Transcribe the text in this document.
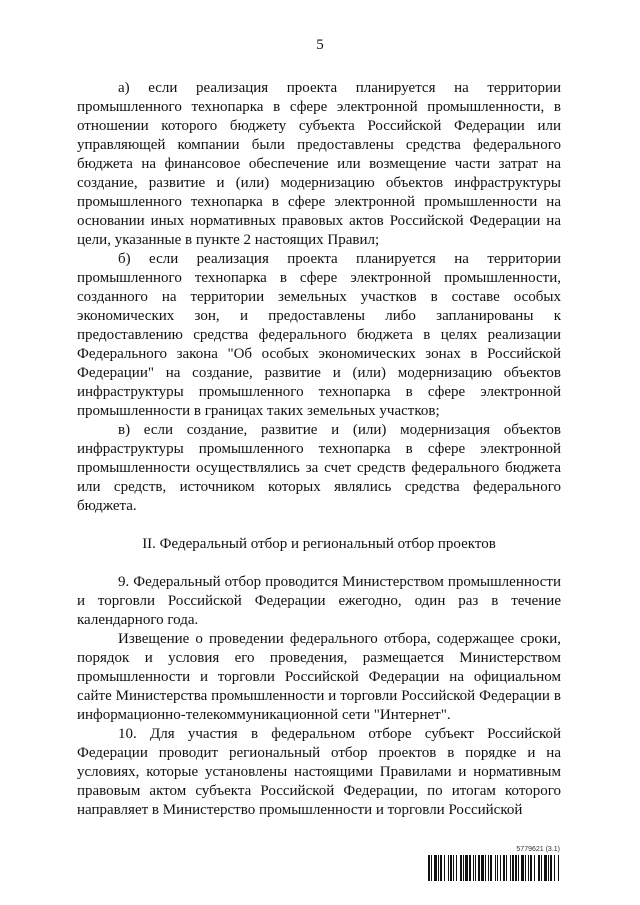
5

а) если реализация проекта планируется на территории промышленного технопарка в сфере электронной промышленности, в отношении которого бюджету субъекта Российской Федерации или управляющей компании были предоставлены средства федерального бюджета на финансовое обеспечение или возмещение части затрат на создание, развитие и (или) модернизацию объектов инфраструктуры промышленного технопарка в сфере электронной промышленности на основании иных нормативных правовых актов Российской Федерации на цели, указанные в пункте 2 настоящих Правил;

б) если реализация проекта планируется на территории промышленного технопарка в сфере электронной промышленности, созданного на территории земельных участков в составе особых экономических зон, и предоставлены либо запланированы к предоставлению средства федерального бюджета в целях реализации Федерального закона "Об особых экономических зонах в Российской Федерации" на создание, развитие и (или) модернизацию объектов инфраструктуры промышленного технопарка в сфере электронной промышленности в границах таких земельных участков;

в) если создание, развитие и (или) модернизация объектов инфраструктуры промышленного технопарка в сфере электронной промышленности осуществлялись за счет средств федерального бюджета или средств, источником которых являлись средства федерального бюджета.

II. Федеральный отбор и региональный отбор проектов

9. Федеральный отбор проводится Министерством промышленности и торговли Российской Федерации ежегодно, один раз в течение календарного года.

Извещение о проведении федерального отбора, содержащее сроки, порядок и условия его проведения, размещается Министерством промышленности и торговли Российской Федерации на официальном сайте Министерства промышленности и торговли Российской Федерации в информационно-телекоммуникационной сети "Интернет".

10. Для участия в федеральном отборе субъект Российской Федерации проводит региональный отбор проектов в порядке и на условиях, которые установлены настоящими Правилами и нормативным правовым актом субъекта Российской Федерации, по итогам которого направляет в Министерство промышленности и торговли Российской

5779621 (3.1)
